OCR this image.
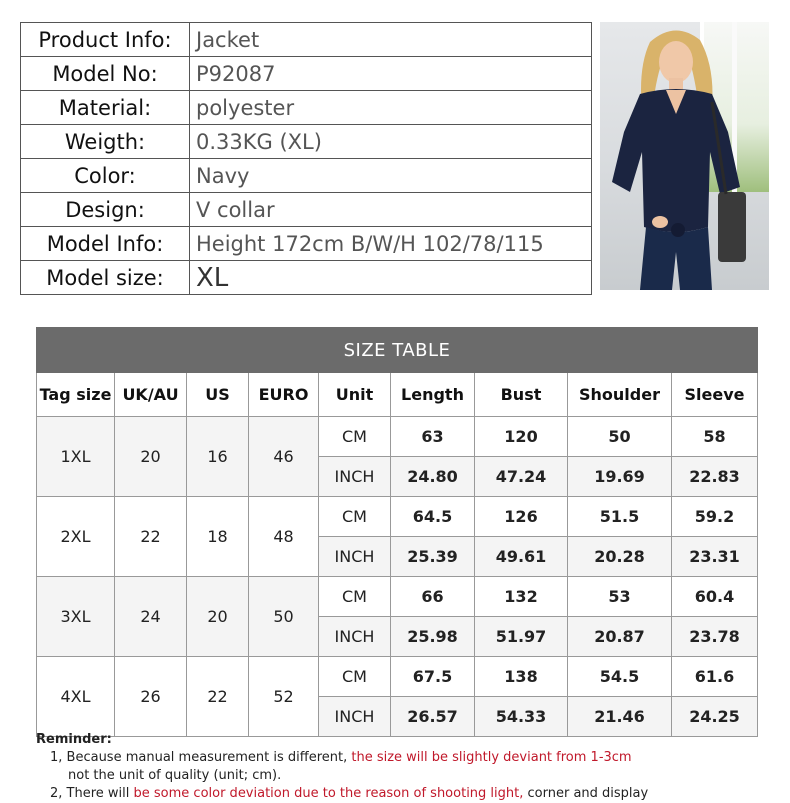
Product Info:	Jacket
Model No:	P92087
Material:	polyester
Weigth:	0.33KG (XL)
Color:	Navy
Design:	V collar
Model Info:	Height 172cm B/W/H 102/78/115
Model size:	XL
SIZE TABLE								
Tag size	UK/AU	US	EURO	Unit	Length	Bust	Shoulder	Sleeve
1XL	20	16	46	CM	63	120	50	58
				INCH	24.80	47.24	19.69	22.83
2XL	22	18	48	CM	64.5	126	51.5	59.2
				INCH	25.39	49.61	20.28	23.31
3XL	24	20	50	CM	66	132	53	60.4
				INCH	25.98	51.97	20.87	23.78
4XL	26	22	52	CM	67.5	138	54.5	61.6
				INCH	26.57	54.33	21.46	24.25
Reminder:
1, Because manual measurement is different, the size will be slightly deviant from 1-3cm
not the unit of quality (unit; cm).
2, There will be some color deviation due to the reason of shooting light, corner and display
